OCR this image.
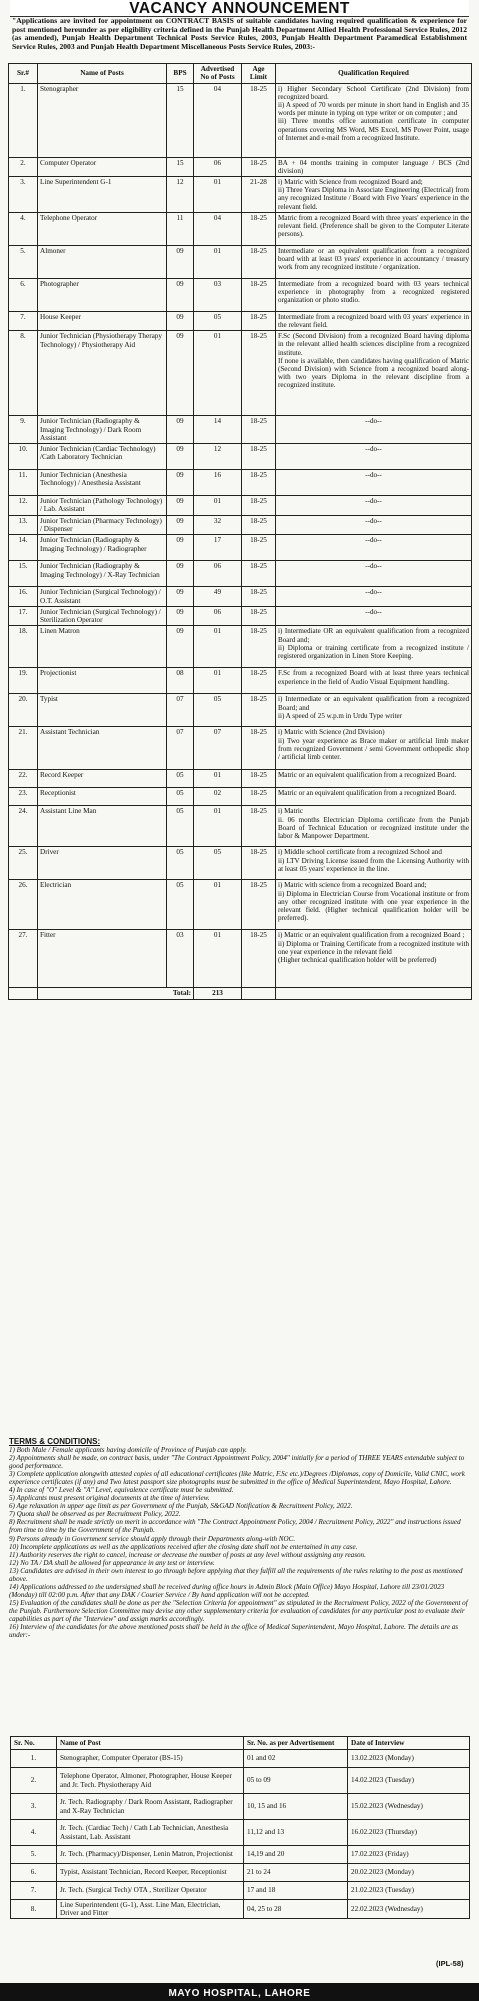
VACANCY ANNOUNCEMENT
"Applications are invited for appointment on CONTRACT BASIS of suitable candidates having required qualification & experience for post mentioned hereunder as per eligibility criteria defined in the Punjab Health Department Allied Health Professional Service Rules, 2012 (as amended), Punjab Health Department Technical Posts Service Rules, 2003, Punjab Health Department Paramedical Establishment Service Rules, 2003 and Punjab Health Department Miscellaneous Posts Service Rules, 2003:-
Sr.#	Name of Posts	BPS	Advertised No of Posts	Age Limit	Qualification Required
1.	Stenographer	15	04	18-25	i) Higher Secondary School Certificate (2nd Division) from recognized board.
ii) A speed of 70 words per minute in short hand in English and 35 words per minute in typing on type writer or on computer ; and
iii) Three months office automation certificate in computer operations covering MS Word, MS Excel, MS Power Point, usage of Internet and e-mail from a recognized Institute.
2.	Computer Operator	15	06	18-25	BA + 04 months training in computer language / BCS (2nd division)
3.	Line Superintendent G-1	12	01	21-28	i) Matric with Science from recognized Board and;
ii) Three Years Diploma in Associate Engineering (Electrical) from any recognized Institute / Board with Five Years' experience in the relevant field.
4.	Telephone Operator	11	04	18-25	Matric from a recognized Board with three years' experience in the relevant field. (Preference shall be given to the Computer Literate persons).
5.	Almoner	09	01	18-25	Intermediate or an equivalent qualification from a recognized board with at least 03 years' experience in accountancy / treasury work from any recognized institute / organization.
6.	Photographer	09	03	18-25	Intermediate from a recognized board with 03 years technical experience in photography from a recognized registered organization or photo studio.
7.	House Keeper	09	05	18-25	Intermediate from a recognized board with 03 years' experience in the relevant field.
8.	Junior Technician (Physiotherapy Therapy Technology) / Physiotherapy Aid	09	01	18-25	F.Sc (Second Division) from a recognized Board having diploma in the relevant allied health sciences discipline from a recognized institute.
If none is available, then candidates having qualification of Matric (Second Division) with Science from a recognized board along-with two years Diploma in the relevant discipline from a recognized institute.
9.	Junior Technician (Radiography & Imaging Technology) / Dark Room Assistant	09	14	18-25	--do--
10.	Junior Technician (Cardiac Technology) /Cath Laboratory Technician	09	12	18-25	--do--
11.	Junior Technician (Anesthesia Technology) / Anesthesia Assistant	09	16	18-25	--do--
12.	Junior Technician (Pathology Technology) / Lab. Assistant	09	01	18-25	--do--
13.	Junior Technician (Pharmacy Technology) / Dispenser	09	32	18-25	--do--
14.	Junior Technician (Radiography & Imaging Technology) / Radiographer	09	17	18-25	--do--
15.	Junior Technician (Radiography & Imaging Technology) / X-Ray Technician	09	06	18-25	--do--
16.	Junior Technician (Surgical Technology) / O.T. Assistant	09	49	18-25	--do--
17.	Junior Technician (Surgical Technology) / Sterilization Operator	09	06	18-25	--do--
18.	Linen Matron	09	01	18-25	i) Intermediate OR an equivalent qualification from a recognized Board and;
ii) Diploma or training certificate from a recognized institute / registered organization in Linen Store Keeping.
19.	Projectionist	08	01	18-25	F.Sc from a recognized Board with at least three years technical experience in the field of Audio Visual Equipment handling.
20.	Typist	07	05	18-25	i) Intermediate or an equivalent qualification from a recognized Board; and
ii) A speed of 25 w.p.m in Urdu Type writer
21.	Assistant Technician	07	07	18-25	i) Matric with Science (2nd Division)
ii) Two year experience as Brace maker or artificial limb maker from recognized Government / semi Government orthopedic shop / artificial limb center.
22.	Record Keeper	05	01	18-25	Matric or an equivalent qualification from a recognized Board.
23.	Receptionist	05	02	18-25	Matric or an equivalent qualification from a recognized Board.
24.	Assistant Line Man	05	01	18-25	i) Matric
ii. 06 months Electrician Diploma certificate from the Punjab Board of Technical Education or recognized institute under the labor & Manpower Department.
25.	Driver	05	05	18-25	i) Middle school certificate from a recognized School and
ii) LTV Driving License issued from the Licensing Authority with at least 05 years' experience in the line.
26.	Electrician	05	01	18-25	i) Matric with science from a recognized Board and;
ii) Diploma in Electrician Course from Vocational institute or from any other recognized institute with one year experience in the relevant field. (Higher technical qualification holder will be preferred).
27.	Fitter	03	01	18-25	i) Matric or an equivalent qualification from a recognized Board ;
ii) Diploma or Training Certificate from a recognized institute with one year experience in the relevant field
(Higher technical qualification holder will be preferred)
	Total:		213		
TERMS & CONDITIONS:
1) Both Male / Female applicants having domicile of Province of Punjab can apply.
2) Appointments shall be made, on contract basis, under "The Contract Appointment Policy, 2004" initially for a period of THREE YEARS extendable subject to good performance.
3) Complete application alongwith attested copies of all educational certificates (like Matric, F.Sc etc.)/Degrees /Diplomas, copy of Domicile, Valid CNIC, work experience certificates (if any) and Two latest passport size photographs must be submitted in the office of Medical Superintendent, Mayo Hospital, Lahore.
4) In case of "O" Level & "A" Level, equivalence certificate must be submitted.
5) Applicants must present original documents at the time of interview.
6) Age relaxation in upper age limit as per Government of the Punjab, S&GAD Notification & Recruitment Policy, 2022.
7) Quota shall be observed as per Recruitment Policy, 2022.
8) Recruitment shall be made strictly on merit in accordance with "The Contract Appointment Policy, 2004 / Recruitment Policy, 2022" and instructions issued from time to time by the Government of the Punjab.
9) Persons already in Government service should apply through their Departments along-with NOC.
10) Incomplete applications as well as the applications received after the closing date shall not be entertained in any case.
11) Authority reserves the right to cancel, increase or decrease the number of posts at any level without assigning any reason.
12) No TA / DA shall be allowed for appearance in any test or interview.
13) Candidates are advised in their own interest to go through before applying that they fulfill all the requirements of the rules relating to the post as mentioned above.
14) Applications addressed to the undersigned shall be received during office hours in Admin Block (Main Office) Mayo Hospital, Lahore till 23/01/2023 (Monday) till 02:00 p.m. After that any DAK / Courier Service / By hand application will not be accepted.
15) Evaluation of the candidates shall be done as per the "Selection Criteria for appointment" as stipulated in the Recruitment Policy, 2022 of the Government of the Punjab. Furthermore Selection Committee may devise any other supplementary criteria for evaluation of candidates for any particular post to evaluate their capabilities as part of the "Interview" and assign marks accordingly.
16) Interview of the candidates for the above mentioned posts shall be held in the office of Medical Superintendent, Mayo Hospital, Lahore. The details are as under:-
Sr. No.	Name of Post	Sr. No. as per Advertisement	Date of Interview
1.	Stenographer, Computer Operator (BS-15)	01 and 02	13.02.2023 (Monday)
2.	Telephone Operator, Almoner, Photographer, House Keeper and Jr. Tech. Physiotherapy Aid	05 to 09	14.02.2023 (Tuesday)
3.	Jr. Tech. Radiography / Dark Room Assistant, Radiographer and X-Ray Technician	10, 15 and 16	15.02.2023 (Wednesday)
4.	Jr. Tech. (Cardiac Tech) / Cath Lab Technician, Anesthesia Assistant, Lab. Assistant	11,12 and 13	16.02.2023 (Thursday)
5.	Jr. Tech. (Pharmacy)/Dispenser, Lenin Matron, Projectionist	14,19 and 20	17.02.2023 (Friday)
6.	Typist, Assistant Technician, Record Keeper, Receptionist	21 to 24	20.02.2023 (Monday)
7.	Jr. Tech. (Surgical Tech)/ OTA , Sterilizer Operator	17 and 18	21.02.2023 (Tuesday)
8.	Line Superintendent (G-1), Asst. Line Man, Electrician, Driver and Fitter	04, 25 to 28	22.02.2023 (Wednesday)
(IPL-58)
MAYO HOSPITAL, LAHORE
